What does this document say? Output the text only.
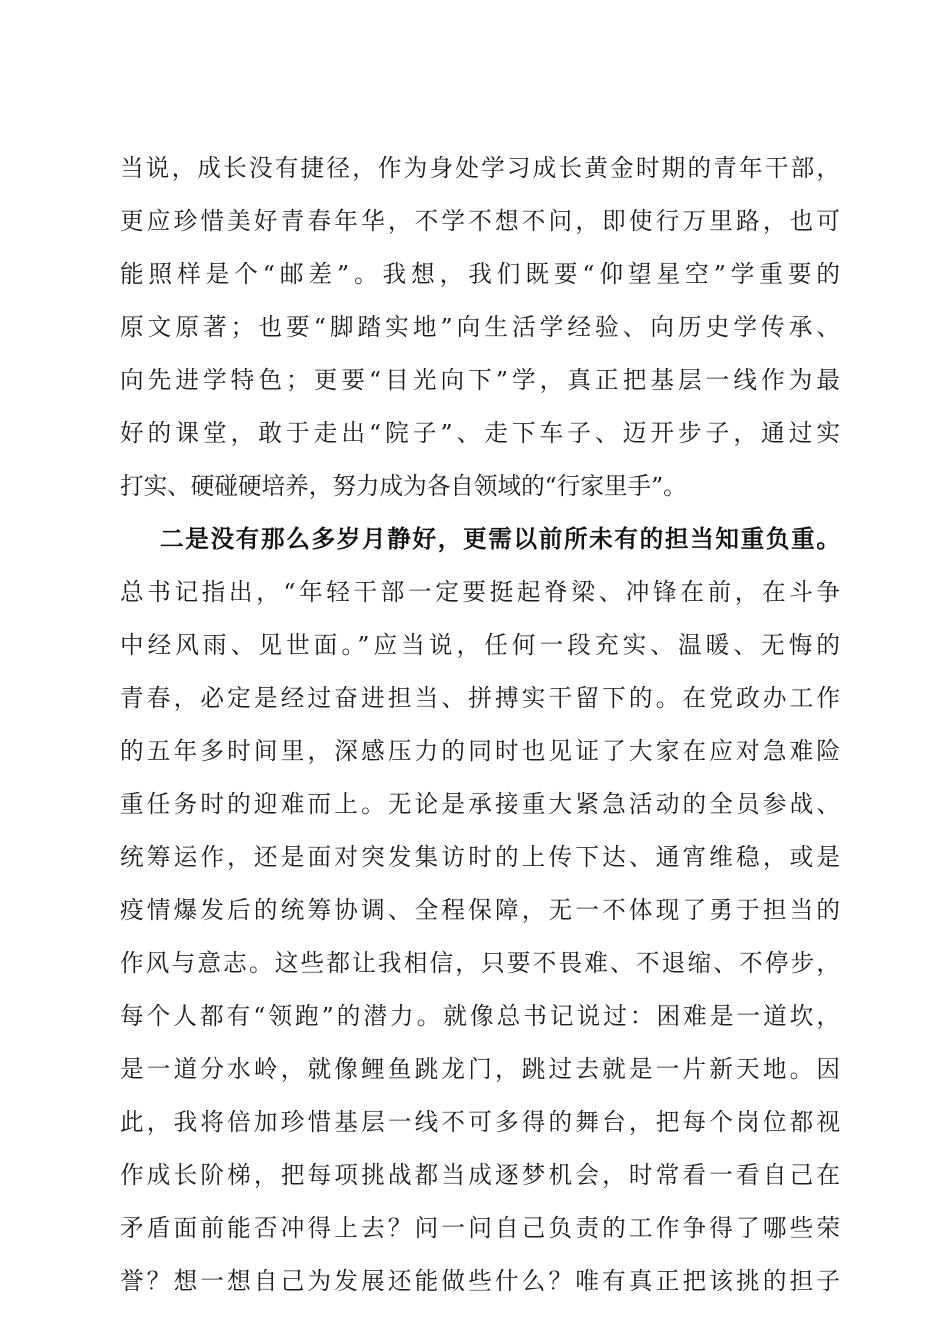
当说，成长没有捷径，作为身处学习成长黄金时期的青年干部，
更应珍惜美好青春年华，不学不想不问，即使行万里路，也可
能照样是个“邮差”。我想，我们既要“仰望星空”学重要的
原文原著；也要“脚踏实地”向生活学经验、向历史学传承、
向先进学特色；更要“目光向下”学，真正把基层一线作为最
好的课堂，敢于走出“院子”、走下车子、迈开步子，通过实
打实、硬碰硬培养，努力成为各自领域的“行家里手”。
二是没有那么多岁月静好，更需以前所未有的担当知重负重。
总书记指出，“年轻干部一定要挺起脊梁、冲锋在前，在斗争
中经风雨、见世面。”应当说，任何一段充实、温暖、无悔的
青春，必定是经过奋进担当、拼搏实干留下的。在党政办工作
的五年多时间里，深感压力的同时也见证了大家在应对急难险
重任务时的迎难而上。无论是承接重大紧急活动的全员参战、
统筹运作，还是面对突发集访时的上传下达、通宵维稳，或是
疫情爆发后的统筹协调、全程保障，无一不体现了勇于担当的
作风与意志。这些都让我相信，只要不畏难、不退缩、不停步，
每个人都有“领跑”的潜力。就像总书记说过：困难是一道坎，
是一道分水岭，就像鲤鱼跳龙门，跳过去就是一片新天地。因
此，我将倍加珍惜基层一线不可多得的舞台，把每个岗位都视
作成长阶梯，把每项挑战都当成逐梦机会，时常看一看自己在
矛盾面前能否冲得上去？问一问自己负责的工作争得了哪些荣
誉？想一想自己为发展还能做些什么？唯有真正把该挑的担子
